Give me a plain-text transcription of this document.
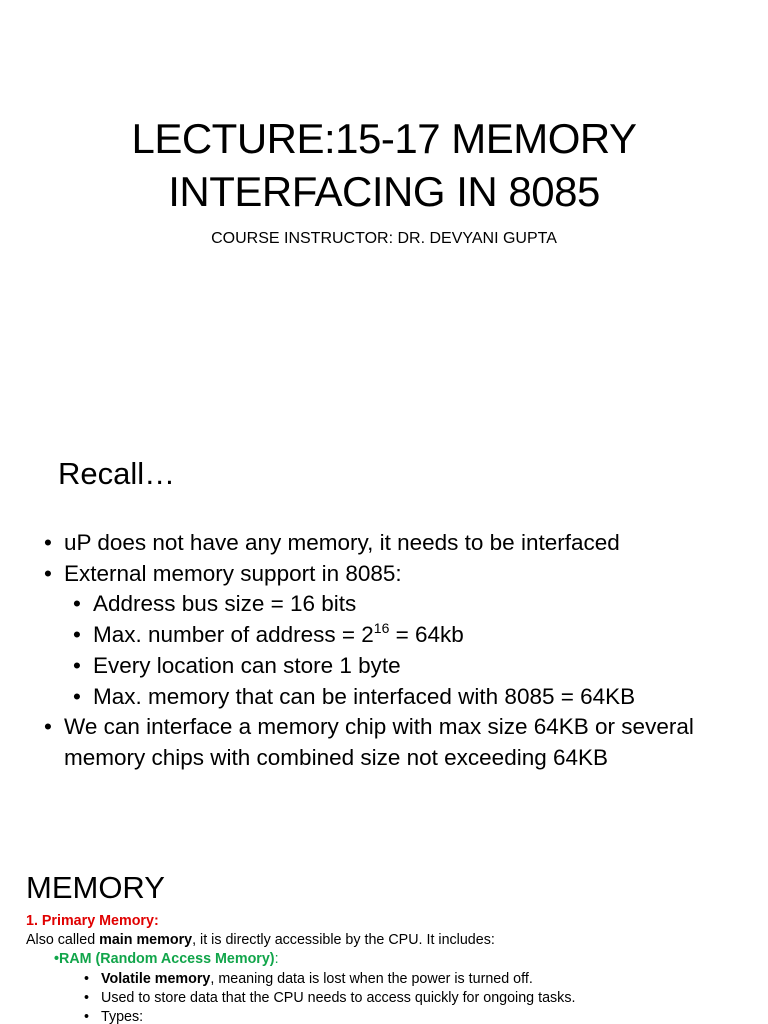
LECTURE:15-17 MEMORY
INTERFACING IN 8085
COURSE INSTRUCTOR: DR. DEVYANI GUPTA
Recall…
• uP does not have any memory, it needs to be interfaced
• External memory support in 8085:
• Address bus size = 16 bits
• Max. number of address = $2^{16} = 64kb$
• Every location can store 1 byte
• Max. memory that can be interfaced with 8085 = 64KB
• We can interface a memory chip with max size 64KB or several memory chips with combined size not exceeding 64KB
MEMORY
1. Primary Memory:
Also called main memory, it is directly accessible by the CPU. It includes:
•RAM (Random Access Memory):
• Volatile memory, meaning data is lost when the power is turned off.
• Used to store data that the CPU needs to access quickly for ongoing tasks.
• Types:
